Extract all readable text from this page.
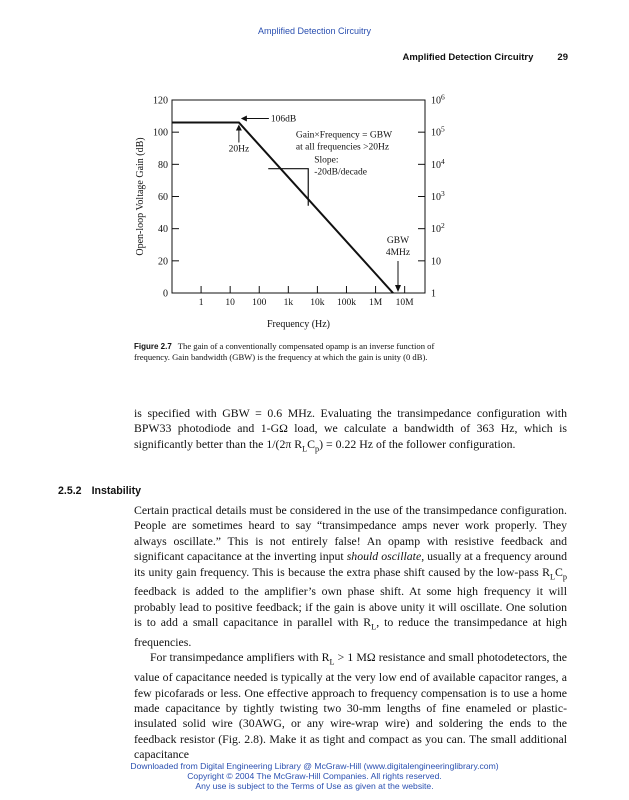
Amplified Detection Circuitry
Amplified Detection Circuitry	29
0
20
40
60
80
100
120	$10^6$
$10^5$
$10^4$
$10^3$
$10^2$
10
1
1 10 100 1k 10k 100k 1M 10M
Frequency (Hz)
Open-loop Voltage Gain (dB)
106dB
20Hz
Gain×Frequency = GBW
at all frequencies >20Hz
Slope:
-20dB/decade
GBW
4MHz
Figure 2.7 The gain of a conventionally compensated opamp is an inverse function of frequency. Gain bandwidth (GBW) is the frequency at which the gain is unity (0 dB).
is specified with GBW = 0.6 MHz. Evaluating the transimpedance configuration with BPW33 photodiode and 1-GΩ load, we calculate a bandwidth of 363 Hz, which is significantly better than the 1/(2π $R_LC_p) = 0.22$ Hz of the follower configuration.
2.5.2 Instability

Certain practical details must be considered in the use of the transimpedance configuration. People are sometimes heard to say “transimpedance amps never work properly. They always oscillate.” This is not entirely false! An opamp with resistive feedback and significant capacitance at the inverting input should oscillate, usually at a frequency around its unity gain frequency. This is because the extra phase shift caused by the low-pass $R_LC_p$ feedback is added to the amplifier’s own phase shift. At some high frequency it will probably lead to positive feedback; if the gain is above unity it will oscillate. One solution is to add a small capacitance in parallel with $R_L$, to reduce the transimpedance at high frequencies.

For transimpedance amplifiers with $R_L > 1$ MΩ resistance and small photodetectors, the value of capacitance needed is typically at the very low end of available capacitor ranges, a few picofarads or less. One effective approach to frequency compensation is to use a home made capacitance by tightly twisting two 30-mm lengths of fine enameled or plastic-insulated solid wire (30AWG, or any wire-wrap wire) and soldering the ends to the feedback resistor (Fig. 2.8). Make it as tight and compact as you can. The small additional capacitance

Downloaded from Digital Engineering Library @ McGraw-Hill (www.digitalengineeringlibrary.com)
Copyright © 2004 The McGraw-Hill Companies. All rights reserved.
Any use is subject to the Terms of Use as given at the website.
